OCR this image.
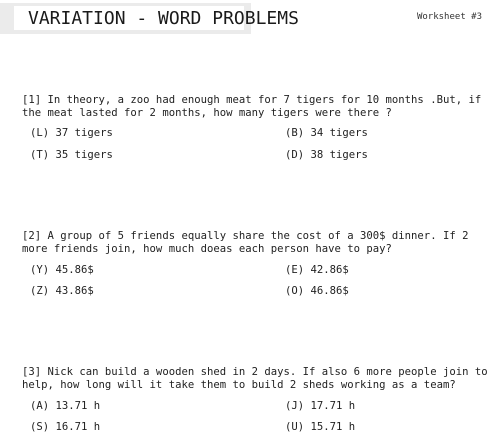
VARIATION - WORD PROBLEMS	Worksheet #3
[1] In theory, a zoo had enough meat for 7 tigers for 10 months .But, if the meat lasted for 2 months, how many tigers were there ?
(L) 37 tigers	(B) 34 tigers
(T) 35 tigers	(D) 38 tigers
[2] A group of 5 friends equally share the cost of a 300$ dinner. If 2 more friends join, how much doeas each person have to pay?
(Y) 45.86$	(E) 42.86$
(Z) 43.86$	(O) 46.86$
[3] Nick can build a wooden shed in 2 days. If also 6 more people join to help, how long will it take them to build 2 sheds working as a team?
(A) 13.71 h	(J) 17.71 h
(S) 16.71 h	(U) 15.71 h
